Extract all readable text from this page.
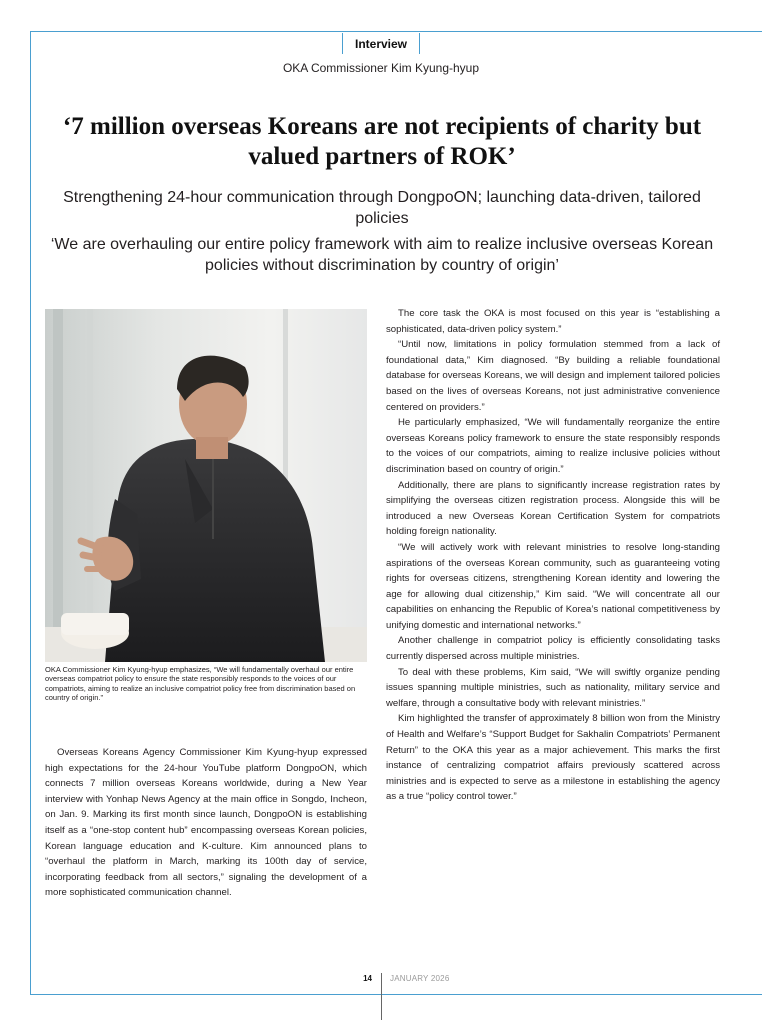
Interview
OKA Commissioner Kim Kyung-hyup
‘7 million overseas Koreans are not recipients of charity but valued partners of ROK’

Strengthening 24-hour communication through DongpoON; launching data-driven, tailored policies

‘We are overhauling our entire policy framework with aim to realize inclusive overseas Korean policies without discrimination by country of origin’

OKA Commissioner Kim Kyung-hyup emphasizes, “We will fundamentally overhaul our entire overseas compatriot policy to ensure the state responsibly responds to the voices of our compatriots, aiming to realize an inclusive compatriot policy free from discrimination based on country of origin.”

Overseas Koreans Agency Commissioner Kim Kyung-hyup expressed high expectations for the 24-hour YouTube platform DongpoON, which connects 7 million overseas Koreans worldwide, during a New Year interview with Yonhap News Agency at the main office in Songdo, Incheon, on Jan. 9. Marking its first month since launch, DongpoON is establishing itself as a “one-stop content hub” encompassing overseas Korean policies, Korean language education and K-culture. Kim announced plans to “overhaul the platform in March, marking its 100th day of service, incorporating feedback from all sectors,” signaling the development of a more sophisticated communication channel.

The core task the OKA is most focused on this year is “establishing a sophisticated, data-driven policy system.”

“Until now, limitations in policy formulation stemmed from a lack of foundational data,” Kim diagnosed. “By building a reliable foundational database for overseas Koreans, we will design and implement tailored policies based on the lives of overseas Koreans, not just administrative convenience centered on providers.”

He particularly emphasized, “We will fundamentally reorganize the entire overseas Koreans policy framework to ensure the state responsibly responds to the voices of our compatriots, aiming to realize inclusive policies without discrimination based on country of origin.”

Additionally, there are plans to significantly increase registration rates by simplifying the overseas citizen registration process. Alongside this will be introduced a new Overseas Korean Certification System for compatriots holding foreign nationality.

“We will actively work with relevant ministries to resolve long-standing aspirations of the overseas Korean community, such as guaranteeing voting rights for overseas citizens, strengthening Korean identity and lowering the age for allowing dual citizenship,” Kim said. “We will concentrate all our capabilities on enhancing the Republic of Korea’s national competitiveness by unifying domestic and international networks.”

Another challenge in compatriot policy is efficiently consolidating tasks currently dispersed across multiple ministries.

To deal with these problems, Kim said, “We will swiftly organize pending issues spanning multiple ministries, such as nationality, military service and welfare, through a consultative body with relevant ministries.”

Kim highlighted the transfer of approximately 8 billion won from the Ministry of Health and Welfare’s “Support Budget for Sakhalin Compatriots’ Permanent Return” to the OKA this year as a major achievement. This marks the first instance of centralizing compatriot affairs previously scattered across ministries and is expected to serve as a milestone in establishing the agency as a true “policy control tower.”

14 JANUARY 2026
